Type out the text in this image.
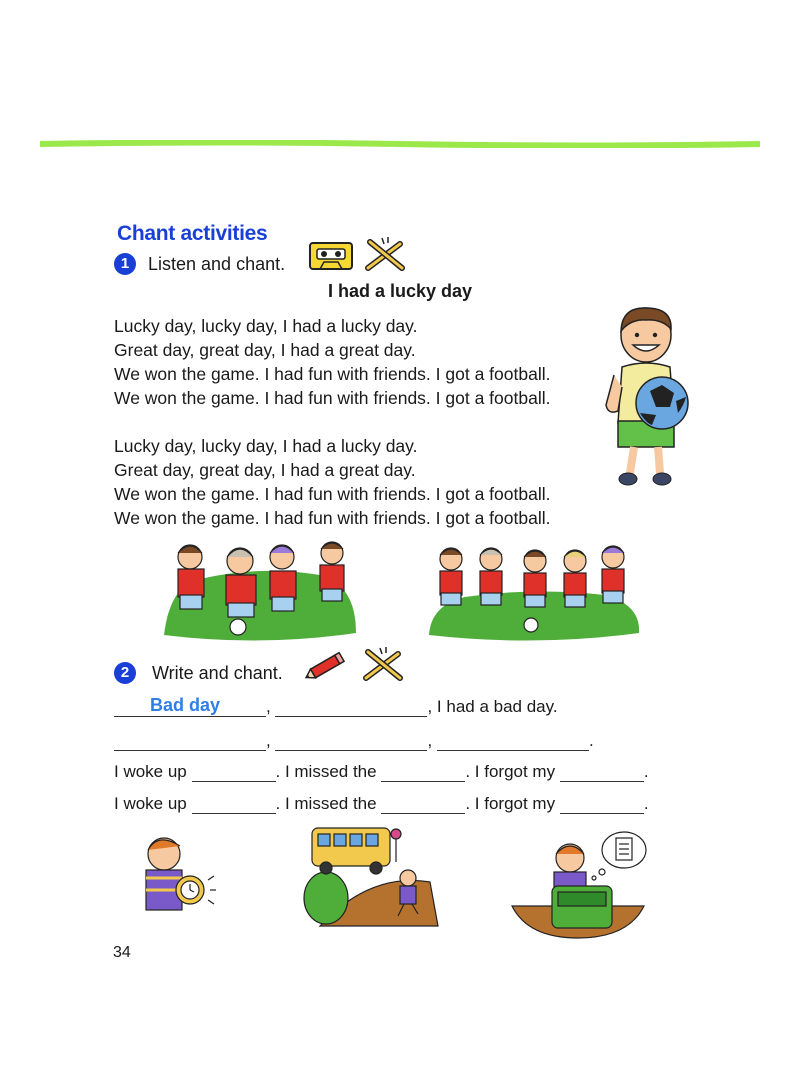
Chant activities
1	Listen and chant.
I had a lucky day
Lucky day, lucky day, I had a lucky day.
Great day, great day, I had a great day.
We won the game. I had fun with friends. I got a football.
We won the game. I had fun with friends. I got a football.
Lucky day, lucky day, I had a lucky day.
Great day, great day, I had a great day.
We won the game. I had fun with friends. I got a football.
We won the game. I had fun with friends. I got a football.
2	Write and chant.
Bad day	,	, I had a bad day.
,	,	.
I woke up	. I missed the	. I forgot my	.
I woke up	. I missed the	. I forgot my	.
34
